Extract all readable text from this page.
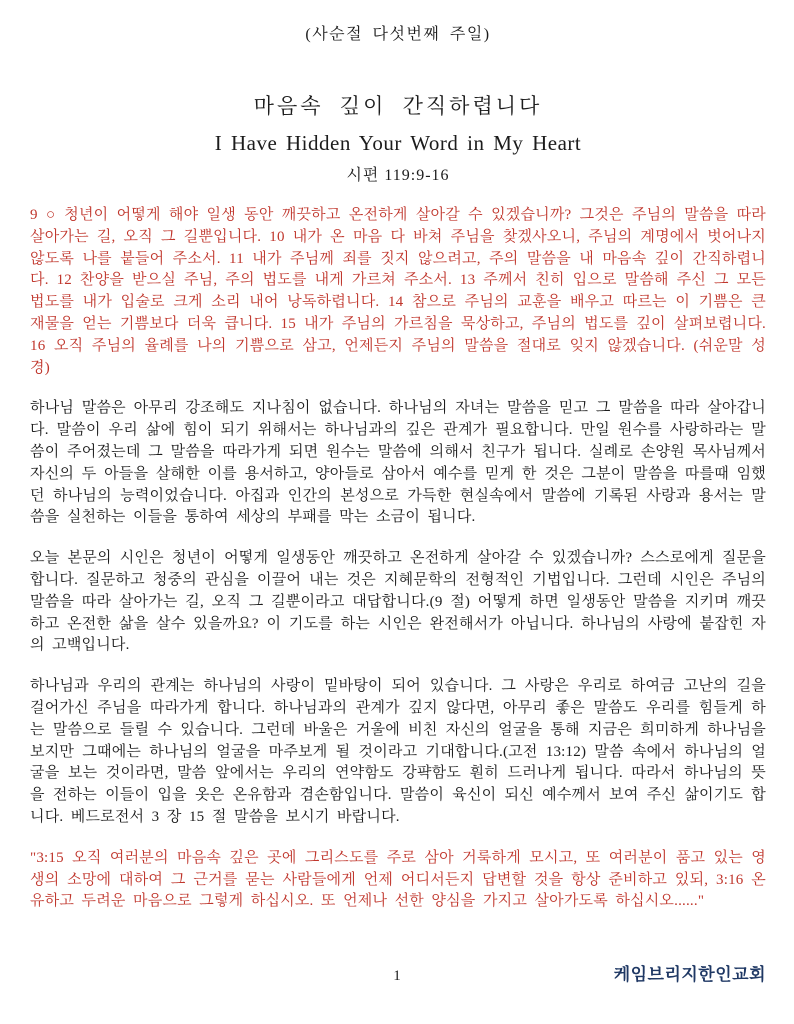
(사순절 다섯번째 주일)
마음속 깊이 간직하렵니다
I Have Hidden Your Word in My Heart
시편 119:9-16

9 ○ 청년이 어떻게 해야 일생 동안 깨끗하고 온전하게 살아갈 수 있겠습니까? 그것은 주님의 말씀을 따라 살아가는 길, 오직 그 길뿐입니다. 10 내가 온 마음 다 바쳐 주님을 찾겠사오니, 주님의 계명에서 벗어나지 않도록 나를 붙들어 주소서. 11 내가 주님께 죄를 짓지 않으려고, 주의 말씀을 내 마음속 깊이 간직하렵니다. 12 찬양을 받으실 주님, 주의 법도를 내게 가르쳐 주소서. 13 주께서 친히 입으로 말씀해 주신 그 모든 법도를 내가 입술로 크게 소리 내어 낭독하렵니다. 14 참으로 주님의 교훈을 배우고 따르는 이 기쁨은 큰 재물을 얻는 기쁨보다 더욱 큽니다. 15 내가 주님의 가르침을 묵상하고, 주님의 법도를 깊이 살펴보렵니다. 16 오직 주님의 율례를 나의 기쁨으로 삼고, 언제든지 주님의 말씀을 절대로 잊지 않겠습니다. (쉬운말 성경)

하나님 말씀은 아무리 강조해도 지나침이 없습니다. 하나님의 자녀는 말씀을 믿고 그 말씀을 따라 살아갑니다. 말씀이 우리 삶에 힘이 되기 위해서는 하나님과의 깊은 관계가 필요합니다. 만일 원수를 사랑하라는 말씀이 주어졌는데 그 말씀을 따라가게 되면 원수는 말씀에 의해서 친구가 됩니다. 실례로 손양원 목사님께서 자신의 두 아들을 살해한 이를 용서하고, 양아들로 삼아서 예수를 믿게 한 것은 그분이 말씀을 따를때 임했던 하나님의 능력이었습니다. 아집과 인간의 본성으로 가득한 현실속에서 말씀에 기록된 사랑과 용서는 말씀을 실천하는 이들을 통하여 세상의 부패를 막는 소금이 됩니다.

오늘 본문의 시인은 청년이 어떻게 일생동안 깨끗하고 온전하게 살아갈 수 있겠습니까? 스스로에게 질문을 합니다. 질문하고 청중의 관심을 이끌어 내는 것은 지혜문학의 전형적인 기법입니다. 그런데 시인은 주님의 말씀을 따라 살아가는 길, 오직 그 길뿐이라고 대답합니다.(9 절) 어떻게 하면 일생동안 말씀을 지키며 깨끗하고 온전한 삶을 살수 있을까요? 이 기도를 하는 시인은 완전해서가 아닙니다. 하나님의 사랑에 붙잡힌 자의 고백입니다.

하나님과 우리의 관계는 하나님의 사랑이 밑바탕이 되어 있습니다. 그 사랑은 우리로 하여금 고난의 길을 걸어가신 주님을 따라가게 합니다. 하나님과의 관계가 깊지 않다면, 아무리 좋은 말씀도 우리를 힘들게 하는 말씀으로 들릴 수 있습니다. 그런데 바울은 거울에 비친 자신의 얼굴을 통해 지금은 희미하게 하나님을 보지만 그때에는 하나님의 얼굴을 마주보게 될 것이라고 기대합니다.(고전 13:12) 말씀 속에서 하나님의 얼굴을 보는 것이라면, 말씀 앞에서는 우리의 연약함도 강퍅함도 훤히 드러나게 됩니다. 따라서 하나님의 뜻을 전하는 이들이 입을 옷은 온유함과 겸손함입니다. 말씀이 육신이 되신 예수께서 보여 주신 삶이기도 합니다. 베드로전서 3 장 15 절 말씀을 보시기 바랍니다.

"3:15 오직 여러분의 마음속 깊은 곳에 그리스도를 주로 삼아 거룩하게 모시고, 또 여러분이 품고 있는 영생의 소망에 대하여 그 근거를 묻는 사람들에게 언제 어디서든지 답변할 것을 항상 준비하고 있되, 3:16 온유하고 두려운 마음으로 그렇게 하십시오. 또 언제나 선한 양심을 가지고 살아가도록 하십시오......"

1	케임브리지한인교회
